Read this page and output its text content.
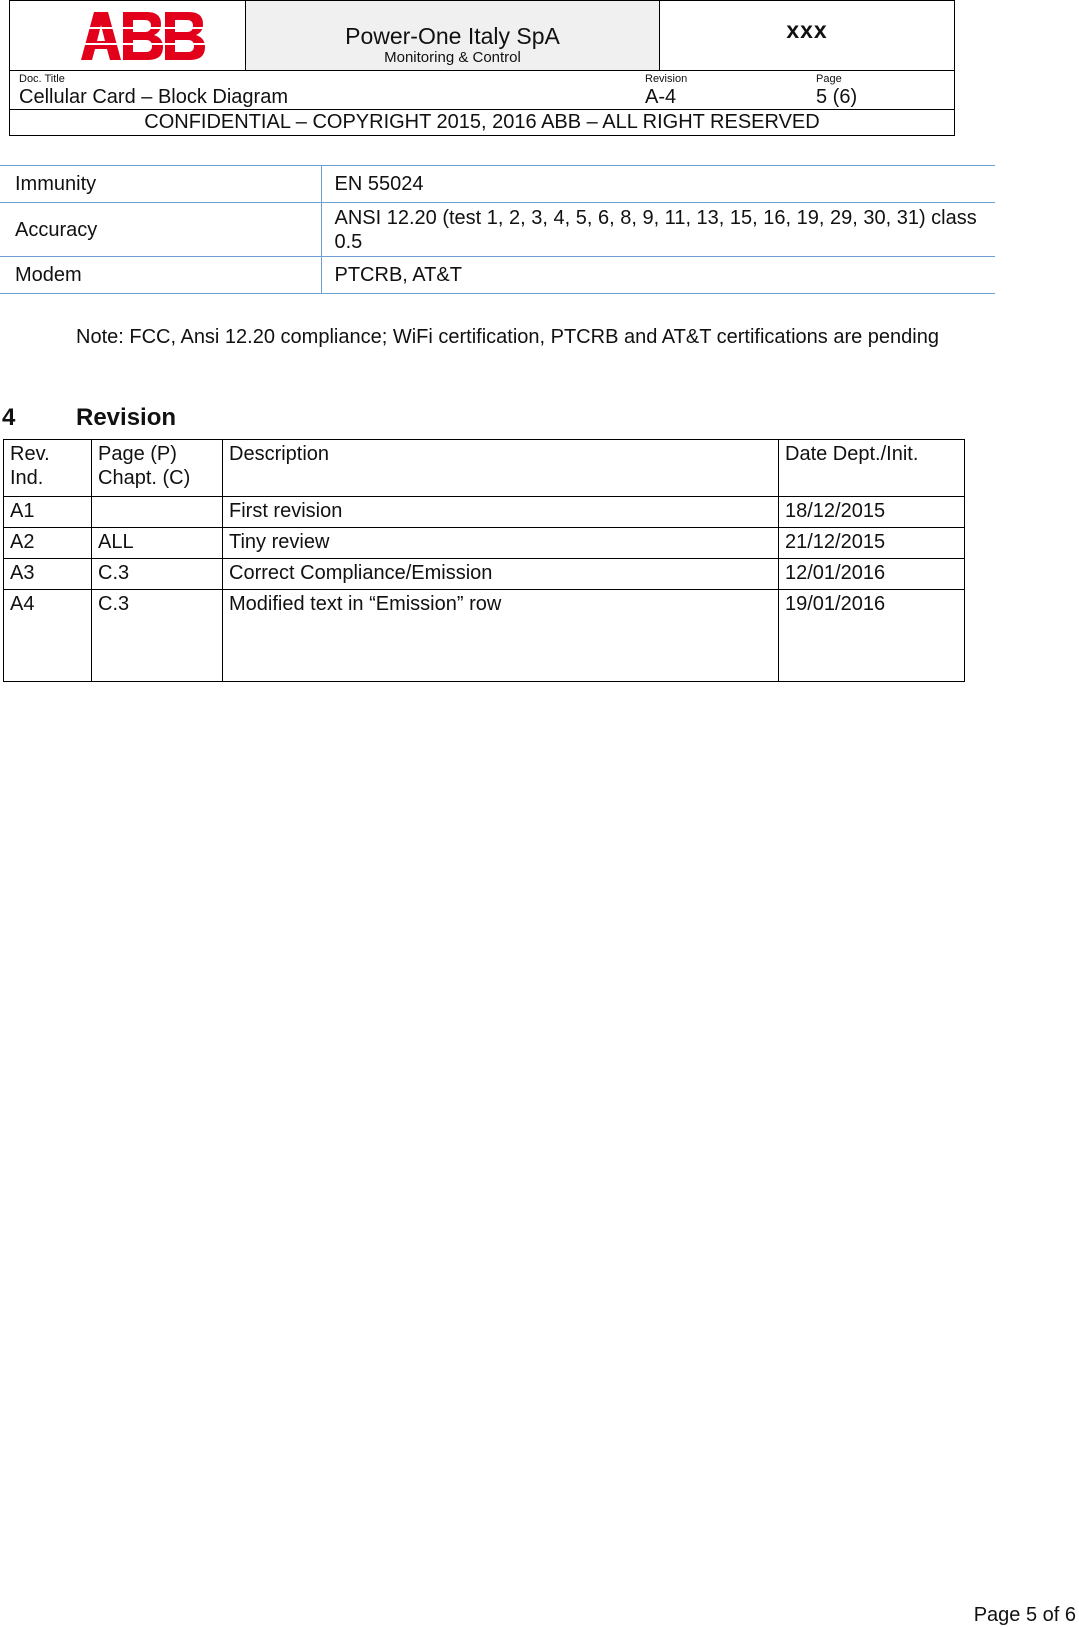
Power-One Italy SpA
Monitoring & Control
xxx
Doc. Title
Cellular Card – Block Diagram
Revision
A-4
Page
5 (6)
CONFIDENTIAL – COPYRIGHT 2015, 2016 ABB – ALL RIGHT RESERVED
Immunity	EN 55024
Accuracy	ANSI 12.20 (test 1, 2, 3, 4, 5, 6, 8, 9, 11, 13, 15, 16, 19, 29, 30, 31) class 0.5
Modem	PTCRB, AT&T
Note: FCC, Ansi 12.20 compliance; WiFi certification, PTCRB and AT&T certifications are pending
4	Revision
Rev. Ind.	Page (P) Chapt. (C)	Description	Date Dept./Init.
A1		First revision	18/12/2015
A2	ALL	Tiny review	21/12/2015
A3	C.3	Correct Compliance/Emission	12/01/2016
A4	C.3	Modified text in “Emission” row	19/01/2016
Page 5 of 6
